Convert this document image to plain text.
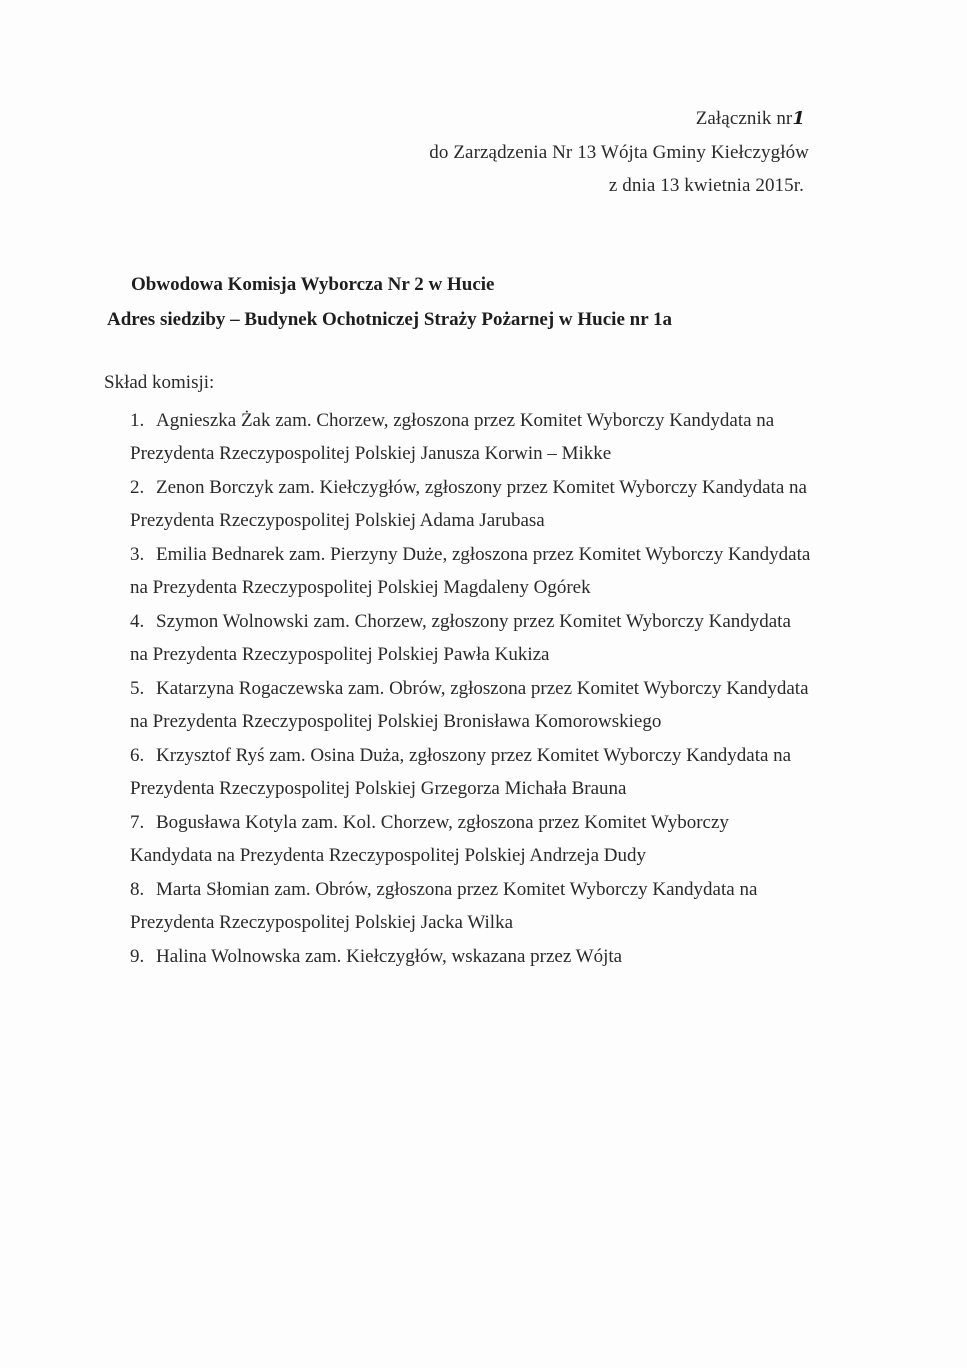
Załącznik nr1
do Zarządzenia Nr 13 Wójta Gminy Kiełczygłów
z dnia 13 kwietnia 2015r.
Obwodowa Komisja Wyborcza Nr 2 w Hucie
Adres siedziby – Budynek Ochotniczej Straży Pożarnej w Hucie nr 1a
Skład komisji:
1. Agnieszka Żak zam. Chorzew, zgłoszona przez Komitet Wyborczy Kandydata na
Prezydenta Rzeczypospolitej Polskiej Janusza Korwin – Mikke
2. Zenon Borczyk zam. Kiełczygłów, zgłoszony przez Komitet Wyborczy Kandydata na
Prezydenta Rzeczypospolitej Polskiej Adama Jarubasa
3. Emilia Bednarek zam. Pierzyny Duże, zgłoszona przez Komitet Wyborczy Kandydata
na Prezydenta Rzeczypospolitej Polskiej Magdaleny Ogórek
4. Szymon Wolnowski zam. Chorzew, zgłoszony przez Komitet Wyborczy Kandydata
na Prezydenta Rzeczypospolitej Polskiej Pawła Kukiza
5. Katarzyna Rogaczewska zam. Obrów, zgłoszona przez Komitet Wyborczy Kandydata
na Prezydenta Rzeczypospolitej Polskiej Bronisława Komorowskiego
6. Krzysztof Ryś zam. Osina Duża, zgłoszony przez Komitet Wyborczy Kandydata na
Prezydenta Rzeczypospolitej Polskiej Grzegorza Michała Brauna
7. Bogusława Kotyla zam. Kol. Chorzew, zgłoszona przez Komitet Wyborczy
Kandydata na Prezydenta Rzeczypospolitej Polskiej Andrzeja Dudy
8. Marta Słomian zam. Obrów, zgłoszona przez Komitet Wyborczy Kandydata na
Prezydenta Rzeczypospolitej Polskiej Jacka Wilka
9. Halina Wolnowska zam. Kiełczygłów, wskazana przez Wójta
